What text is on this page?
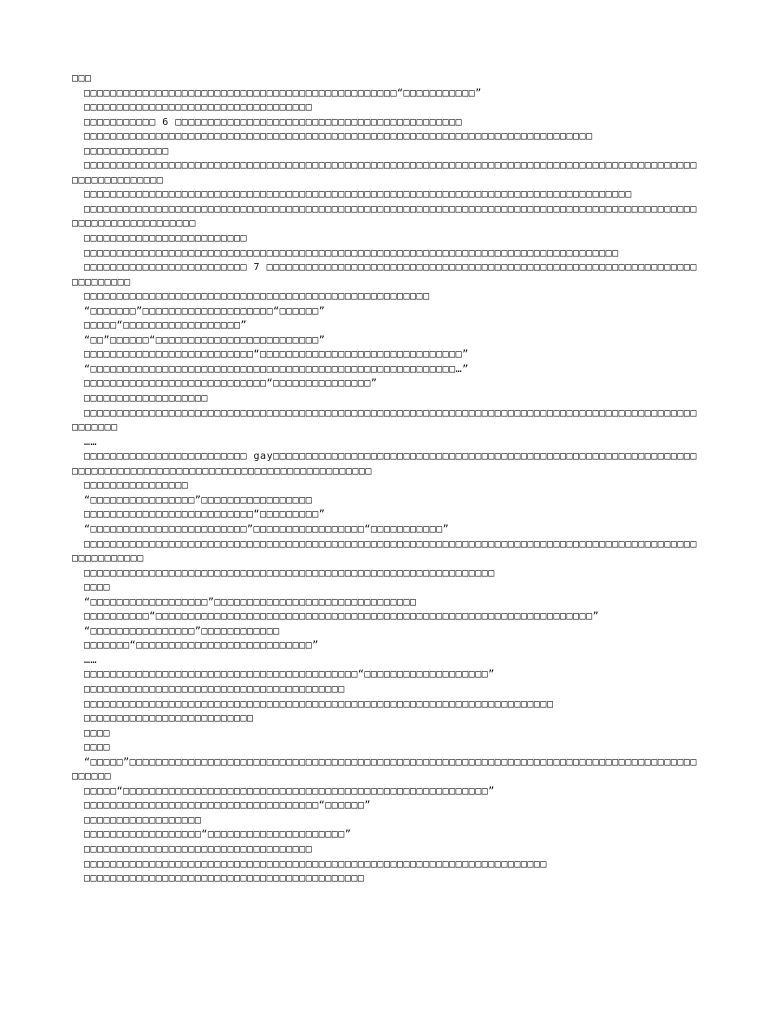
□□□

□□□□□□□□□□□□□□□□□□□□□□□□□□□□□□□□□□□□□□□□□□□□□□□□“□□□□□□□□□□□”

□□□□□□□□□□□□□□□□□□□□□□□□□□□□□□□□□□□

□□□□□□□□□□□ 6 □□□□□□□□□□□□□□□□□□□□□□□□□□□□□□□□□□□□□□□□□□□□

□□□□□□□□□□□□□□□□□□□□□□□□□□□□□□□□□□□□□□□□□□□□□□□□□□□□□□□□□□□□□□□□□□□□□□□□□□□□□□

□□□□□□□□□□□□□

□□□□□□□□□□□□□□□□□□□□□□□□□□□□□□□□□□□□□□□□□□□□□□□□□□□□□□□□□□□□□□□□□□□□□□□□□□□□□□□□□□□□□□□□□□□□□□□□□□□□□□□□□□□□

□□□□□□□□□□□□□□□□□□□□□□□□□□□□□□□□□□□□□□□□□□□□□□□□□□□□□□□□□□□□□□□□□□□□□□□□□□□□□□□□□□□□

□□□□□□□□□□□□□□□□□□□□□□□□□□□□□□□□□□□□□□□□□□□□□□□□□□□□□□□□□□□□□□□□□□□□□□□□□□□□□□□□□□□□□□□□□□□□□□□□□□□□□□□□□□□□□□□□□

□□□□□□□□□□□□□□□□□□□□□□□□□

□□□□□□□□□□□□□□□□□□□□□□□□□□□□□□□□□□□□□□□□□□□□□□□□□□□□□□□□□□□□□□□□□□□□□□□□□□□□□□□□□□

□□□□□□□□□□□□□□□□□□□□□□□□□ 7 □□□□□□□□□□□□□□□□□□□□□□□□□□□□□□□□□□□□□□□□□□□□□□□□□□□□□□□□□□□□□□□□□□□□□□□□□□□

□□□□□□□□□□□□□□□□□□□□□□□□□□□□□□□□□□□□□□□□□□□□□□□□□□□□□

“□□□□□□□”□□□□□□□□□□□□□□□□□□□□“□□□□□□”

□□□□□“□□□□□□□□□□□□□□□□□□”

“□□”□□□□□□“□□□□□□□□□□□□□□□□□□□□□□□□□”

□□□□□□□□□□□□□□□□□□□□□□□□□□“□□□□□□□□□□□□□□□□□□□□□□□□□□□□□□□”

“□□□□□□□□□□□□□□□□□□□□□□□□□□□□□□□□□□□□□□□□□□□□□□□□□□□□□□□□…”

□□□□□□□□□□□□□□□□□□□□□□□□□□□□“□□□□□□□□□□□□□□□”

□□□□□□□□□□□□□□□□□□□

□□□□□□□□□□□□□□□□□□□□□□□□□□□□□□□□□□□□□□□□□□□□□□□□□□□□□□□□□□□□□□□□□□□□□□□□□□□□□□□□□□□□□□□□□□□□□□□□□□□□□

……

□□□□□□□□□□□□□□□□□□□□□□□□□ gay□□□□□□□□□□□□□□□□□□□□□□□□□□□□□□□□□□□□□□□□□□□□□□□□□□□□□□□□□□□□□□□□□□□□□□□□□□□□□□□□□□□□□□□□□□□□□□□□□□□□□□□□□□□□□□□

□□□□□□□□□□□□□□□□

“□□□□□□□□□□□□□□□□”□□□□□□□□□□□□□□□□□

□□□□□□□□□□□□□□□□□□□□□□□□□□“□□□□□□□□□”

“□□□□□□□□□□□□□□□□□□□□□□□□”□□□□□□□□□□□□□□□□□“□□□□□□□□□□□”

□□□□□□□□□□□□□□□□□□□□□□□□□□□□□□□□□□□□□□□□□□□□□□□□□□□□□□□□□□□□□□□□□□□□□□□□□□□□□□□□□□□□□□□□□□□□□□□□□□□□□□□□□

□□□□□□□□□□□□□□□□□□□□□□□□□□□□□□□□□□□□□□□□□□□□□□□□□□□□□□□□□□□□□□□

□□□□

“□□□□□□□□□□□□□□□□□□”□□□□□□□□□□□□□□□□□□□□□□□□□□□□□□□

□□□□□□□□□□“□□□□□□□□□□□□□□□□□□□□□□□□□□□□□□□□□□□□□□□□□□□□□□□□□□□□□□□□□□□□□□□□□□□”

“□□□□□□□□□□□□□□□□”□□□□□□□□□□□□

□□□□□□□“□□□□□□□□□□□□□□□□□□□□□□□□□□□”

……

□□□□□□□□□□□□□□□□□□□□□□□□□□□□□□□□□□□□□□□□□□“□□□□□□□□□□□□□□□□□□□”

□□□□□□□□□□□□□□□□□□□□□□□□□□□□□□□□□□□□□□□□

□□□□□□□□□□□□□□□□□□□□□□□□□□□□□□□□□□□□□□□□□□□□□□□□□□□□□□□□□□□□□□□□□□□□□□□□

□□□□□□□□□□□□□□□□□□□□□□□□□□

□□□□

□□□□

“□□□□□”□□□□□□□□□□□□□□□□□□□□□□□□□□□□□□□□□□□□□□□□□□□□□□□□□□□□□□□□□□□□□□□□□□□□□□□□□□□□□□□□□□□□□□□□□□□□□

□□□□□“□□□□□□□□□□□□□□□□□□□□□□□□□□□□□□□□□□□□□□□□□□□□□□□□□□□□□□□□”

□□□□□□□□□□□□□□□□□□□□□□□□□□□□□□□□□□□□“□□□□□□”

□□□□□□□□□□□□□□□□□□

□□□□□□□□□□□□□□□□□□“□□□□□□□□□□□□□□□□□□□□□”

□□□□□□□□□□□□□□□□□□□□□□□□□□□□□□□□□□□

□□□□□□□□□□□□□□□□□□□□□□□□□□□□□□□□□□□□□□□□□□□□□□□□□□□□□□□□□□□□□□□□□□□□□□□

□□□□□□□□□□□□□□□□□□□□□□□□□□□□□□□□□□□□□□□□□□□
